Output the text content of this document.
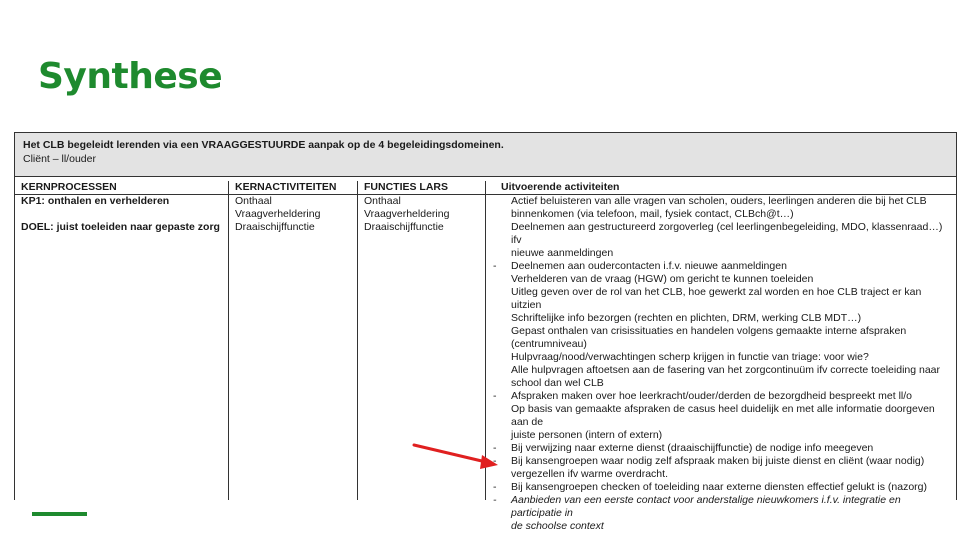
Synthese
Het CLB begeleidt lerenden via een VRAAGGESTUURDE aanpak op de 4 begeleidingsdomeinen.
Cliënt – ll/ouder
KERNPROCESSEN
KP1: onthalen en verhelderen
DOEL: juist toeleiden naar gepaste zorg
KERNACTIVITEITEN
Onthaal
Vraagverheldering
Draaischijffunctie
FUNCTIES LARS
Onthaal
Vraagverheldering
Draaischijffunctie
Uitvoerende activiteiten
Actief beluisteren van alle vragen van scholen, ouders, leerlingen anderen die bij het CLB
binnenkomen (via telefoon, mail, fysiek contact, CLBch@t…)
Deelnemen aan gestructureerd zorgoverleg (cel leerlingenbegeleiding, MDO, klassenraad…) ifv
nieuwe aanmeldingen
- Deelnemen aan oudercontacten i.f.v. nieuwe aanmeldingen
Verhelderen van de vraag (HGW) om gericht te kunnen toeleiden
Uitleg geven over de rol van het CLB, hoe gewerkt zal worden en hoe CLB traject er kan uitzien
Schriftelijke info bezorgen (rechten en plichten, DRM, werking CLB MDT…)
Gepast onthalen van crisissituaties en handelen volgens gemaakte interne afspraken
(centrumniveau)
Hulpvraag/nood/verwachtingen scherp krijgen in functie van triage: voor wie?
Alle hulpvragen aftoetsen aan de fasering van het zorgcontinuüm ifv correcte toeleiding naar
school dan wel CLB
- Afspraken maken over hoe leerkracht/ouder/derden de bezorgdheid bespreekt met ll/o
Op basis van gemaakte afspraken de casus heel duidelijk en met alle informatie doorgeven aan de
juiste personen (intern of extern)
- Bij verwijzing naar externe dienst (draaischijffunctie) de nodige info meegeven
- Bij kansengroepen waar nodig zelf afspraak maken bij juiste dienst en cliënt (waar nodig)
vergezellen ifv warme overdracht.
- Bij kansengroepen checken of toeleiding naar externe diensten effectief gelukt is (nazorg)
- Aanbieden van een eerste contact voor anderstalige nieuwkomers i.f.v. integratie en participatie in
de schoolse context
